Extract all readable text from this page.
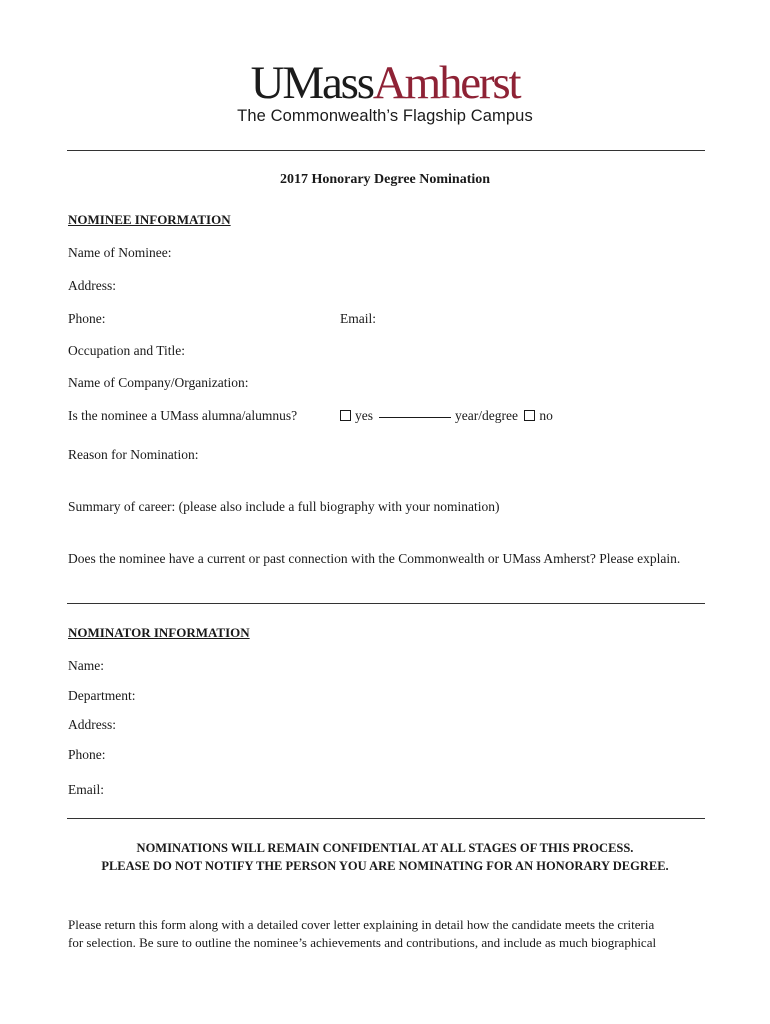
UMassAmherst
The Commonwealth’s Flagship Campus
2017 Honorary Degree Nomination
NOMINEE INFORMATION
Name of Nominee:
Address:
Phone:	Email:
Occupation and Title:
Name of Company/Organization:
Is the nominee a UMass alumna/alumnus?	yes	year/degree no
Reason for Nomination:
Summary of career: (please also include a full biography with your nomination)
Does the nominee have a current or past connection with the Commonwealth or UMass Amherst? Please explain.
NOMINATOR INFORMATION
Name:
Department:
Address:
Phone:
Email:
NOMINATIONS WILL REMAIN CONFIDENTIAL AT ALL STAGES OF THIS PROCESS.
PLEASE DO NOT NOTIFY THE PERSON YOU ARE NOMINATING FOR AN HONORARY DEGREE.
Please return this form along with a detailed cover letter explaining in detail how the candidate meets the criteria
for selection. Be sure to outline the nominee’s achievements and contributions, and include as much biographical
